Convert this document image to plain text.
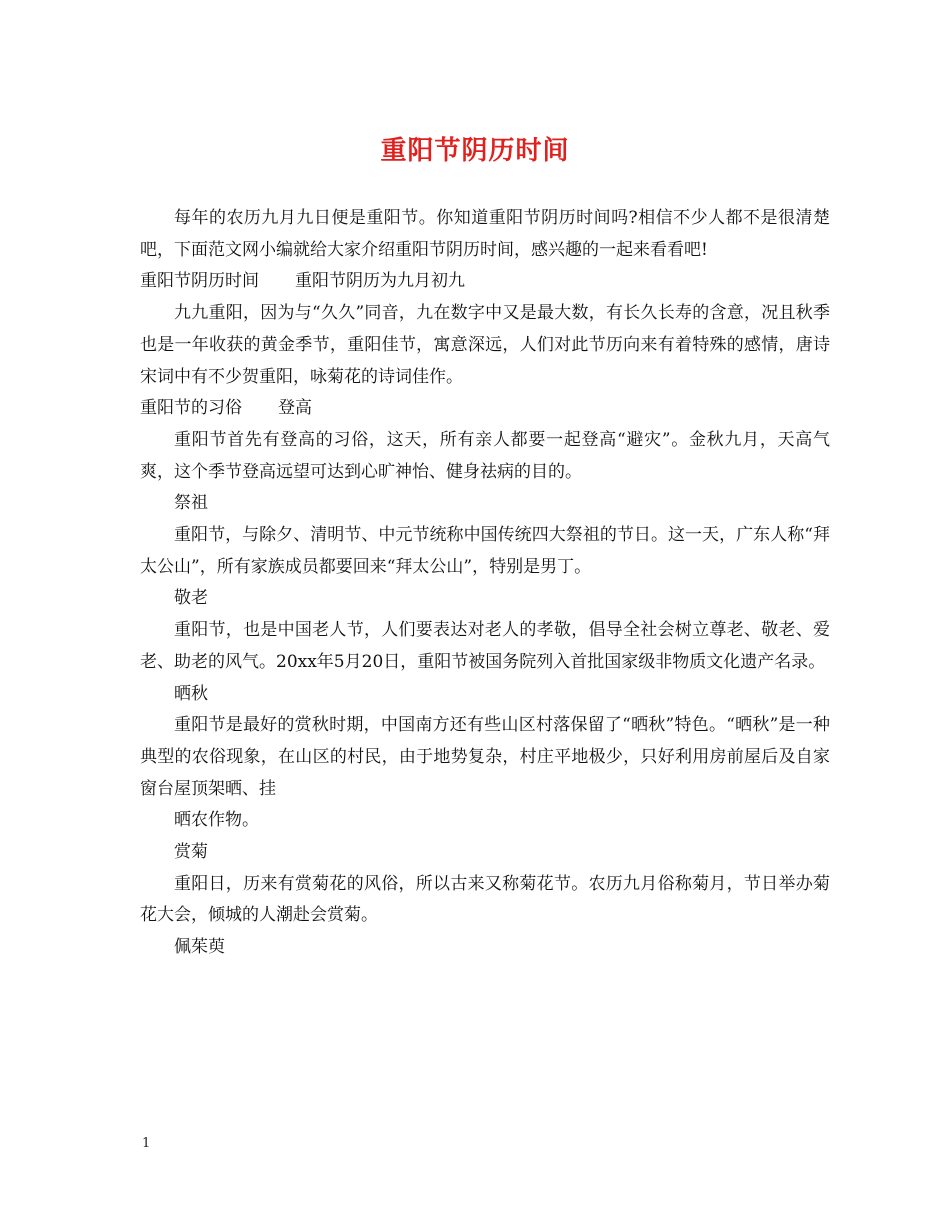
重阳节阴历时间

每年的农历九月九日便是重阳节。你知道重阳节阴历时间吗?相信不少人都不是很清楚吧，下面范文网小编就给大家介绍重阳节阴历时间，感兴趣的一起来看看吧!

重阳节阴历时间 重阳节阴历为九月初九

九九重阳，因为与“久久”同音，九在数字中又是最大数，有长久长寿的含意，况且秋季也是一年收获的黄金季节，重阳佳节，寓意深远，人们对此节历向来有着特殊的感情，唐诗宋词中有不少贺重阳，咏菊花的诗词佳作。

重阳节的习俗 登高

重阳节首先有登高的习俗，这天，所有亲人都要一起登高“避灾”。金秋九月，天高气爽，这个季节登高远望可达到心旷神怡、健身祛病的目的。

祭祖

重阳节，与除夕、清明节、中元节统称中国传统四大祭祖的节日。这一天，广东人称“拜太公山”，所有家族成员都要回来“拜太公山”，特别是男丁。

敬老

重阳节，也是中国老人节，人们要表达对老人的孝敬，倡导全社会树立尊老、敬老、爱老、助老的风气。20xx年5月20日，重阳节被国务院列入首批国家级非物质文化遗产名录。

晒秋

重阳节是最好的赏秋时期，中国南方还有些山区村落保留了“晒秋”特色。“晒秋”是一种典型的农俗现象，在山区的村民，由于地势复杂，村庄平地极少，只好利用房前屋后及自家窗台屋顶架晒、挂

晒农作物。

赏菊

重阳日，历来有赏菊花的风俗，所以古来又称菊花节。农历九月俗称菊月，节日举办菊花大会，倾城的人潮赴会赏菊。

佩茱萸

1
